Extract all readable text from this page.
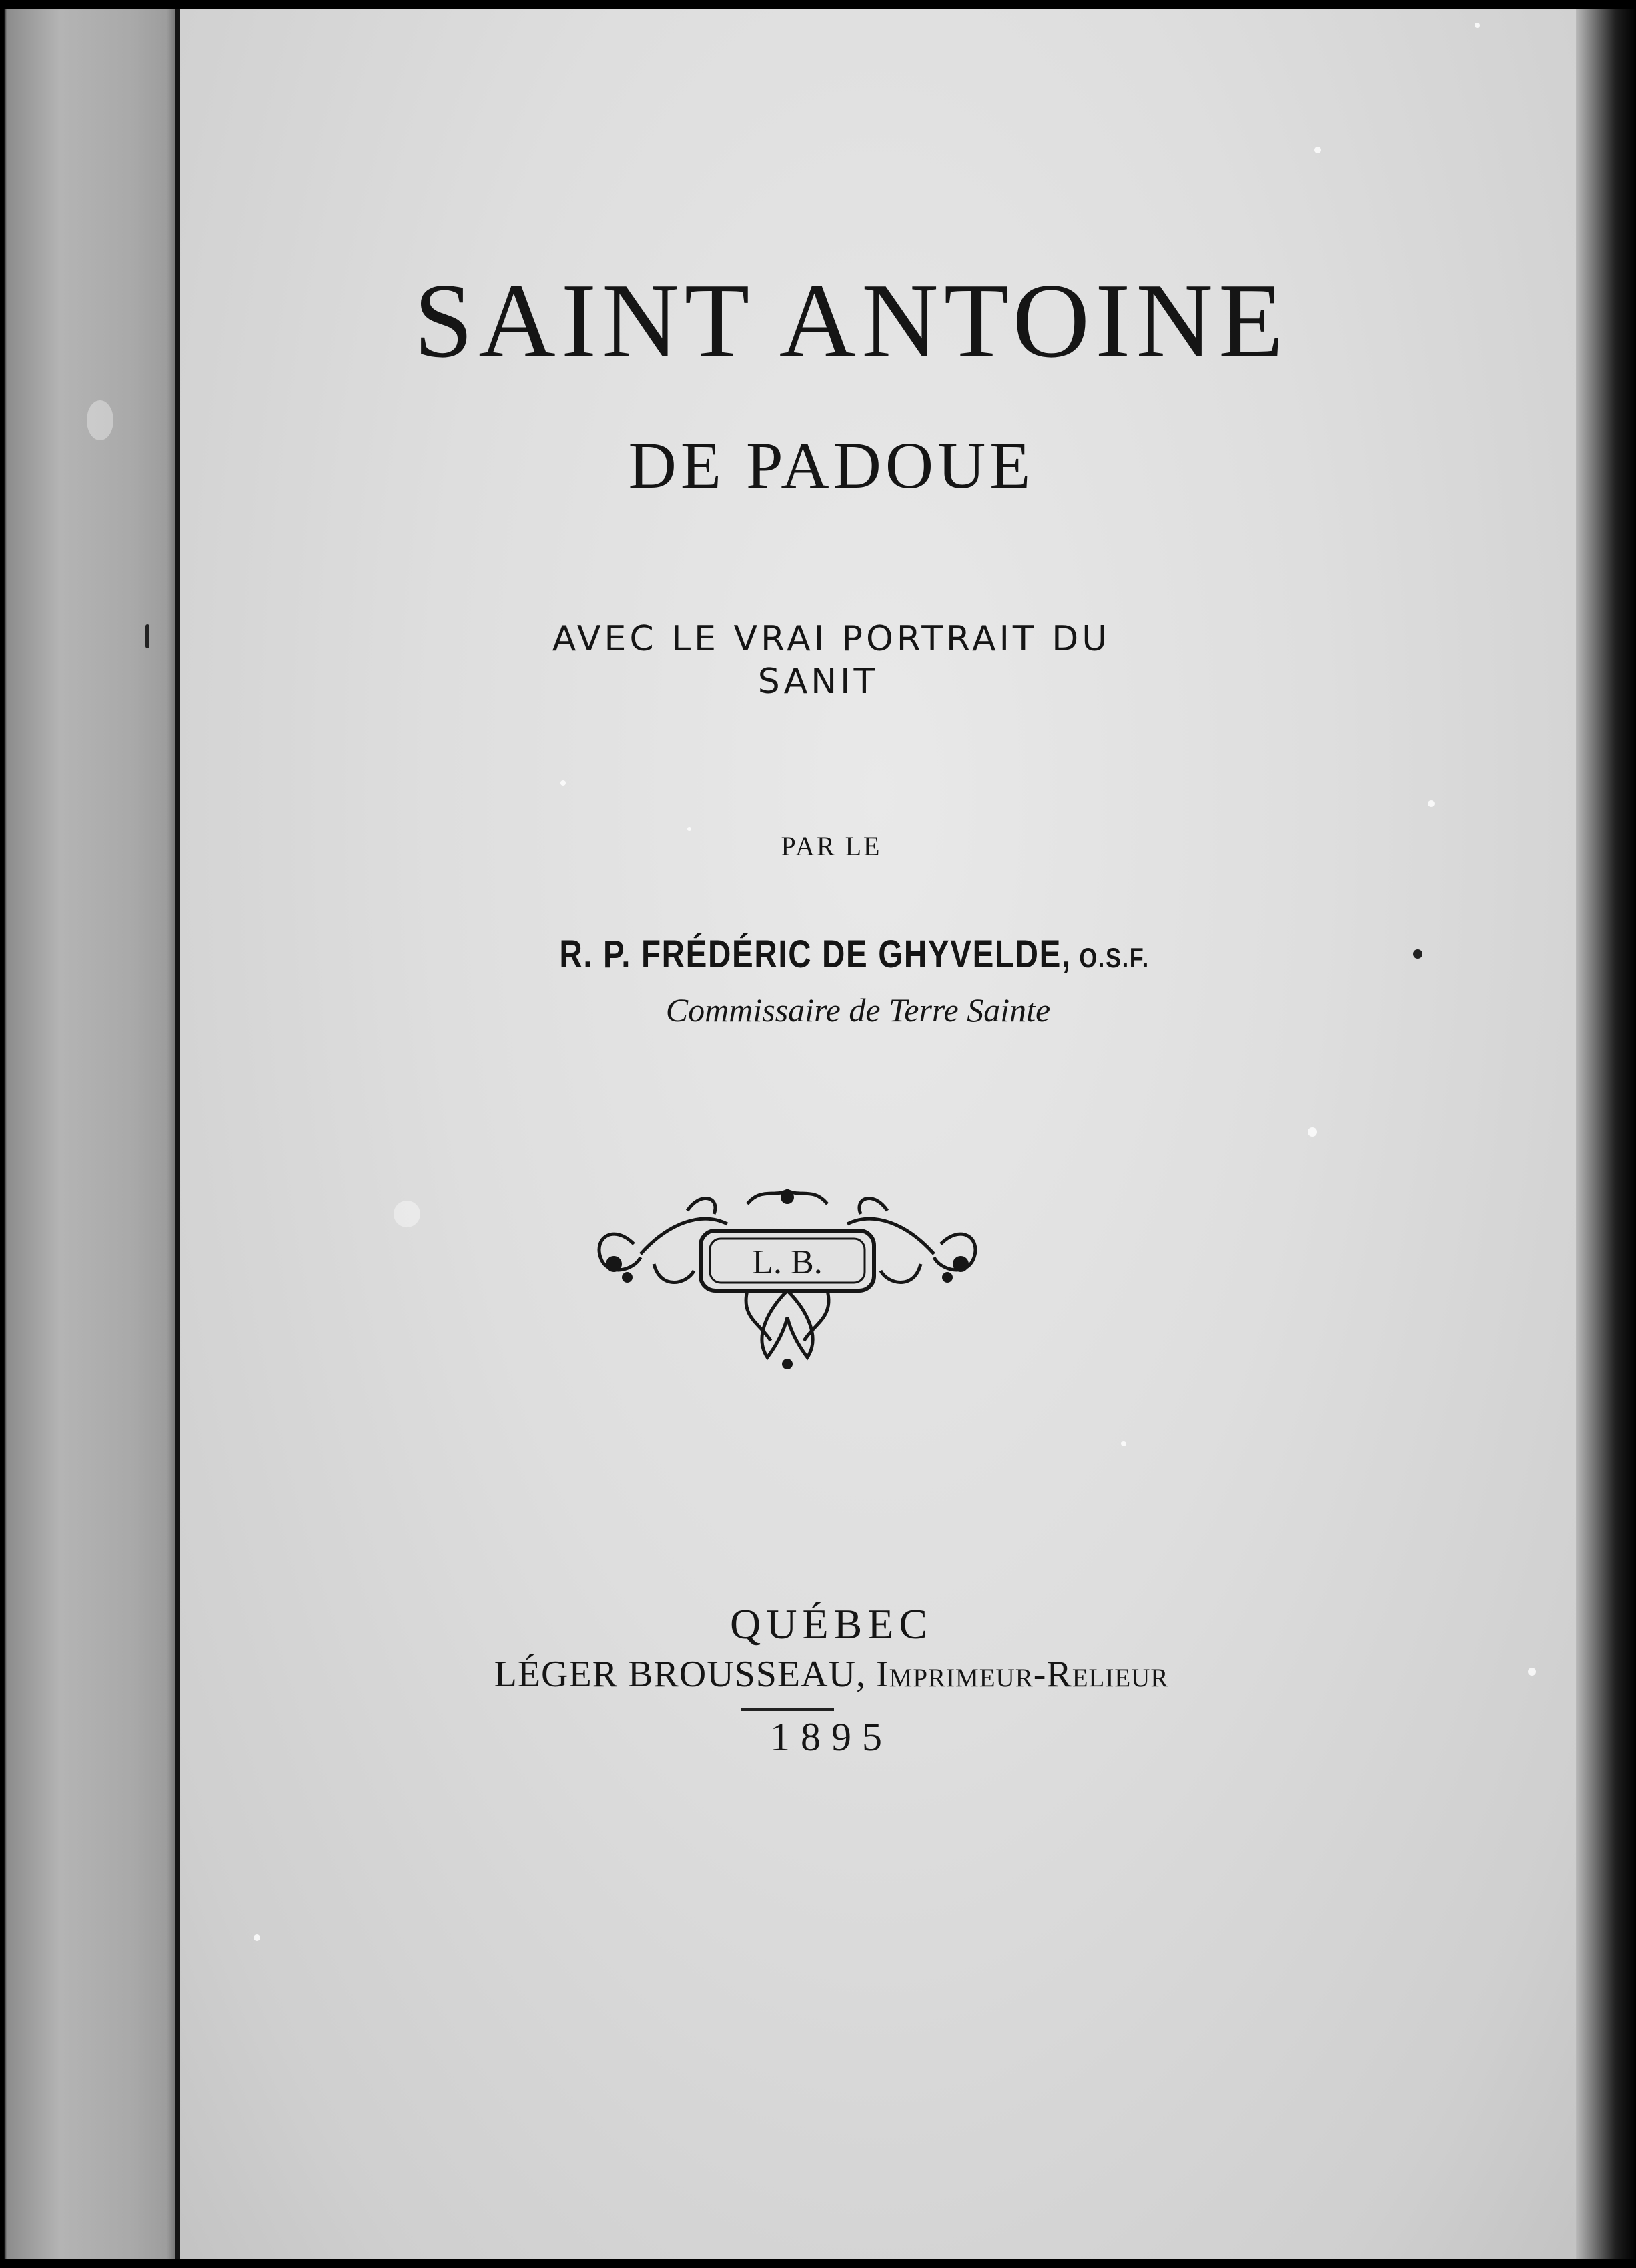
SAINT ANTOINE
DE PADOUE
AVEC LE VRAI PORTRAIT DU
SANIT
PAR LE
R. P. FRÉDÉRIC DE GHYVELDE, O.S.F.
Commissaire de Terre Sainte
L. B.
QUÉBEC
LÉGER BROUSSEAU, Imprimeur-Relieur
1895
